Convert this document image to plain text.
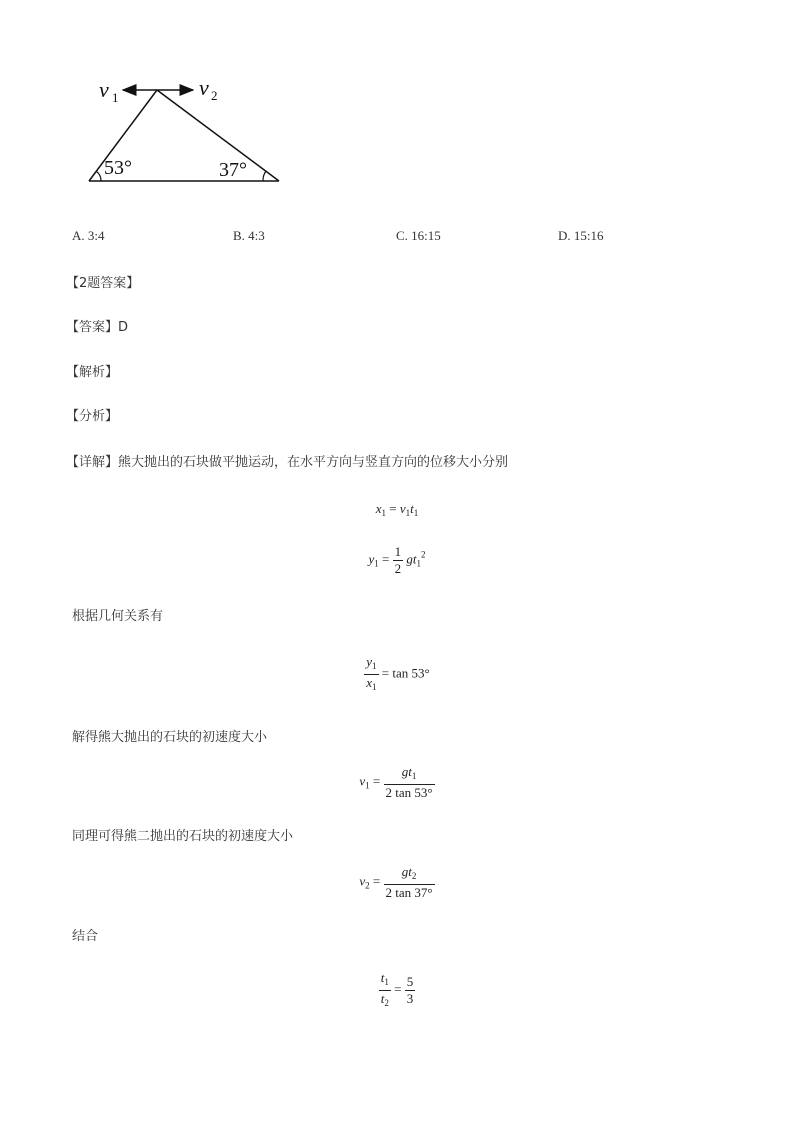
v 1	v 2
53°	37°
A. 3:4	B. 4:3	C. 16:15	D. 15:16
【2题答案】
【答案】D
【解析】
【分析】
【详解】熊大抛出的石块做平抛运动，在水平方向与竖直方向的位移大小分别
$x_1 = v_1t_1$
$y_1 = \frac{1}{2} gt_1^2$
根据几何关系有
$\frac{y_1}{x_1} = \tan 53^\circ$
解得熊大抛出的石块的初速度大小
$v_1 = \frac{gt_1}{2 \tan 53^\circ}$
同理可得熊二抛出的石块的初速度大小
$v_2 = \frac{gt_2}{2 \tan 37^\circ}$
结合
$\frac{t_1}{t_2} = \frac{5}{3}$
